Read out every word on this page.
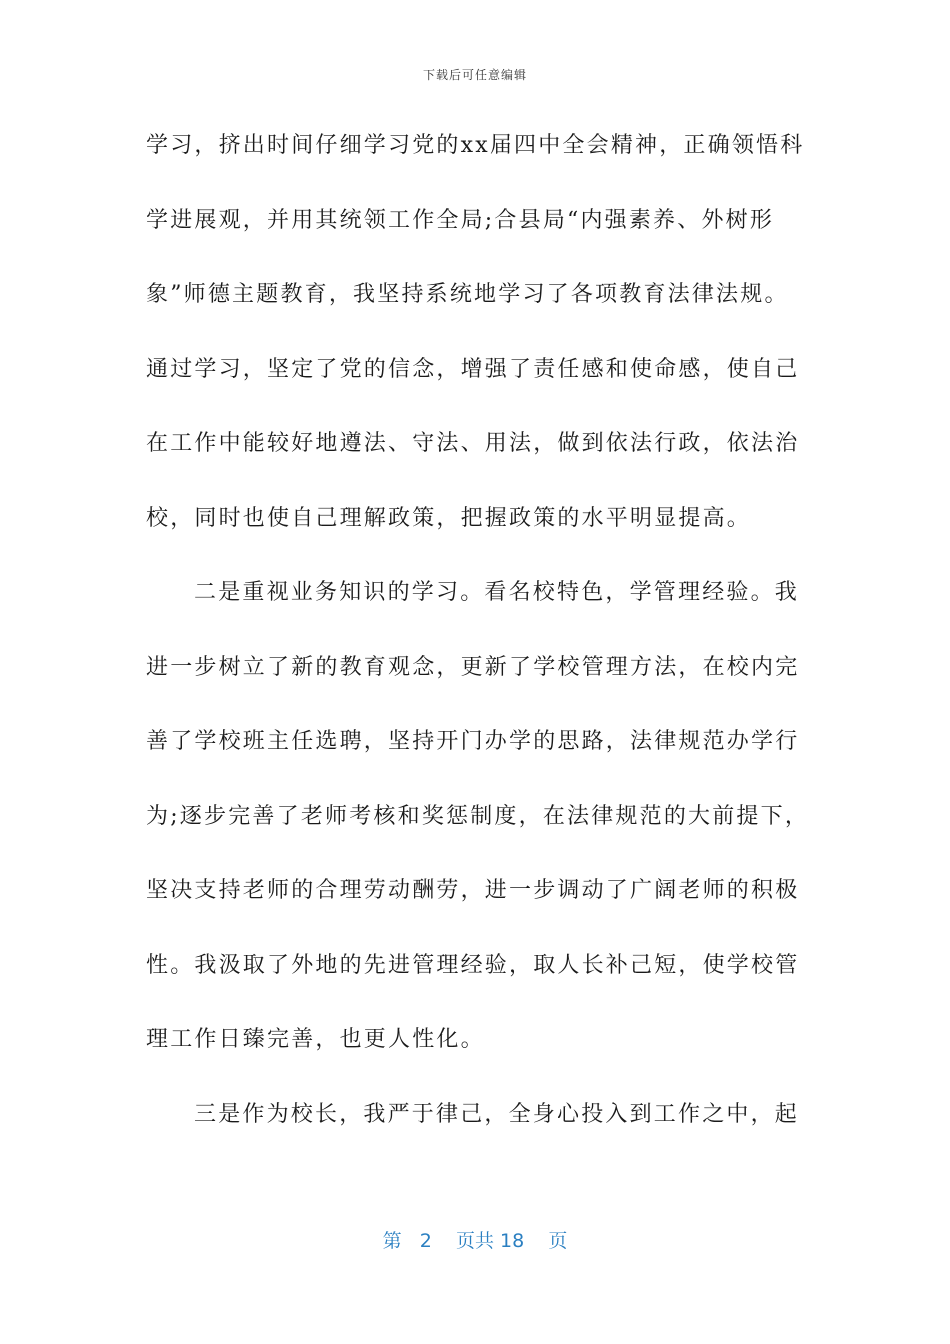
下载后可任意编辑
学习，挤出时间仔细学习党的xx届四中全会精神，正确领悟科
学进展观，并用其统领工作全局;合县局“内强素养、外树形
象”师德主题教育，我坚持系统地学习了各项教育法律法规。
通过学习，坚定了党的信念，增强了责任感和使命感，使自己
在工作中能较好地遵法、守法、用法，做到依法行政，依法治
校，同时也使自己理解政策，把握政策的水平明显提高。
二是重视业务知识的学习。看名校特色，学管理经验。我
进一步树立了新的教育观念，更新了学校管理方法，在校内完
善了学校班主任选聘，坚持开门办学的思路，法律规范办学行
为;逐步完善了老师考核和奖惩制度，在法律规范的大前提下，
坚决支持老师的合理劳动酬劳，进一步调动了广阔老师的积极
性。我汲取了外地的先进管理经验，取人长补己短，使学校管
理工作日臻完善，也更人性化。
三是作为校长，我严于律己，全身心投入到工作之中，起
第 2 页共 18 页
